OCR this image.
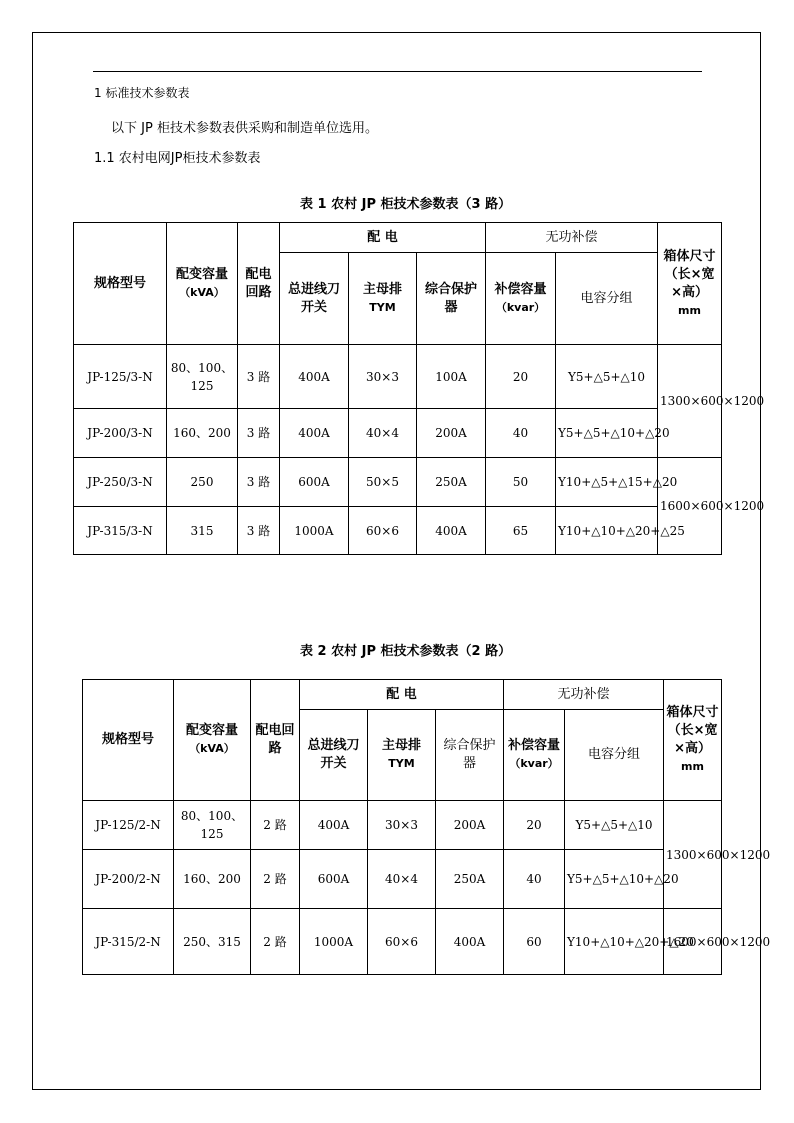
1 标准技术参数表
以下 JP 柜技术参数表供采购和制造单位选用。
1.1 农村电网JP柜技术参数表
表 1 农村 JP 柜技术参数表（3 路）
规格型号	配变容量
（kVA）	配电回路	配 电			无功补偿		箱体尺寸（长×宽×高）
mm
			总进线刀开关	主母排
TYM	综合保护器	补偿容量
（kvar）	电容分组	
JP-125/3-N	80、100、125	3 路	400A	30×3	100A	20	Y5+△5+△10	1300×600×1200
JP-200/3-N	160、200	3 路	400A	40×4	200A	40	Y5+△5+△10+△20	
JP-250/3-N	250	3 路	600A	50×5	250A	50	Y10+△5+△15+△20	1600×600×1200
JP-315/3-N	315	3 路	1000A	60×6	400A	65	Y10+△10+△20+△25	
表 2 农村 JP 柜技术参数表（2 路）
规格型号	配变容量
（kVA）	配电回路	配 电			无功补偿		箱体尺寸（长×宽×高）
mm
			总进线刀开关	主母排
TYM	综合保护器	补偿容量
（kvar）	电容分组	
JP-125/2-N	80、100、125	2 路	400A	30×3	200A	20	Y5+△5+△10	1300×600×1200
JP-200/2-N	160、200	2 路	600A	40×4	250A	40	Y5+△5+△10+△20	
JP-315/2-N	250、315	2 路	1000A	60×6	400A	60	Y10+△10+△20+△20	1600×600×1200
